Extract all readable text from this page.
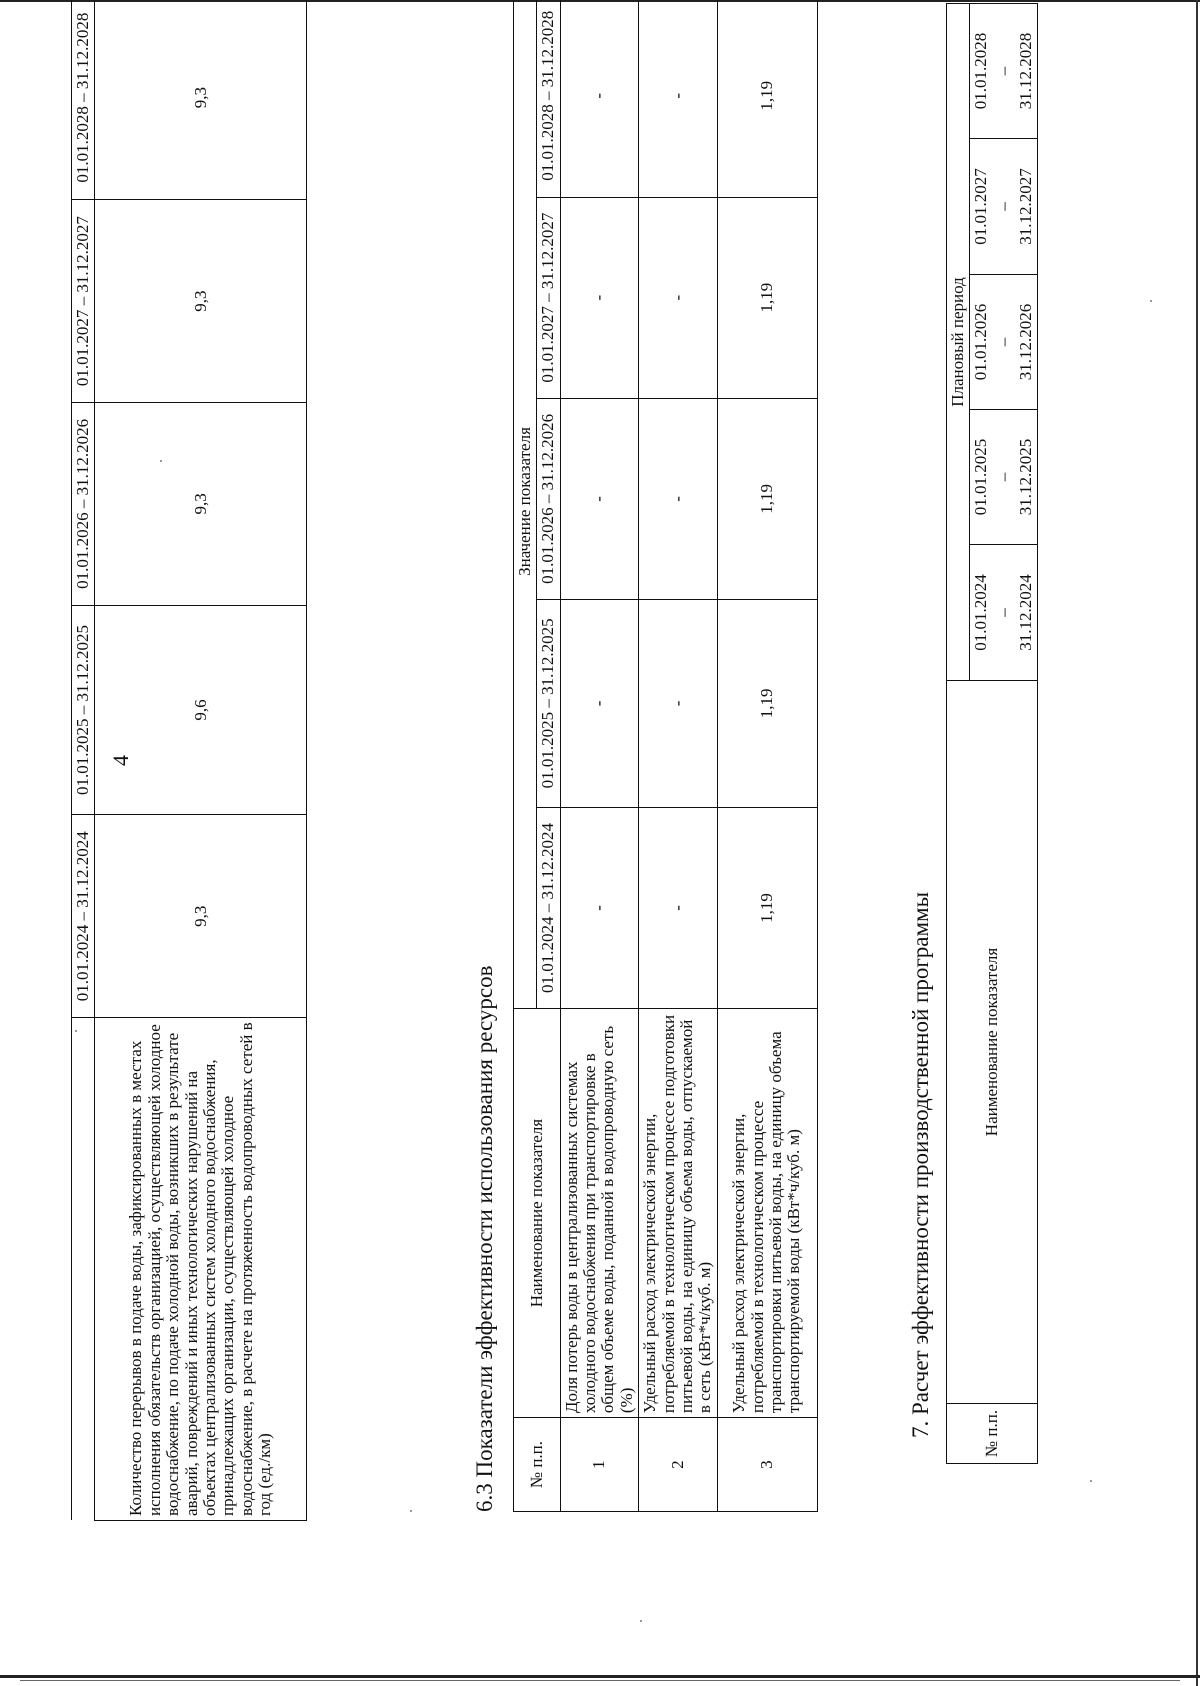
4
	01.01.2024 – 31.12.2024	01.01.2025 – 31.12.2025	01.01.2026 – 31.12.2026	01.01.2027 – 31.12.2027	01.01.2028 – 31.12.2028
Количество перерывов в подаче воды, зафиксированных в местах исполнения обязательств организацией, осуществляющей холодное водоснабжение, по подаче холодной воды, возникших в результате аварий, повреждений и иных технологических нарушений на объектах централизованных систем холодного водоснабжения, принадлежащих организации, осуществляющей холодное водоснабжение, в расчете на протяженность водопроводных сетей в год (ед./км)	9,3	9,6	9,3	9,3	9,3
6.3 Показатели эффективности использования ресурсов № п.п.	Наименование показателя	Значение показателя				
		01.01.2024 – 31.12.2024	01.01.2025 – 31.12.2025	01.01.2026 – 31.12.2026	01.01.2027 – 31.12.2027	01.01.2028 – 31.12.2028
1	Доля потерь воды в централизованных системах холодного водоснабжения при транспортировке в общем объеме воды, поданной в водопроводную сеть (%)	-	-	-	-	-
2	Удельный расход электрической энергии, потребляемой в технологическом процессе подготовки питьевой воды, на единицу объема воды, отпускаемой в сеть (кВт*ч/куб. м)	-	-	-	-	-
3	Удельный расход электрической энергии, потребляемой в технологическом процессе транспортировки питьевой воды, на единицу объема транспортируемой воды (кВт*ч/куб. м)	1,19	1,19	1,19	1,19	1,19
7. Расчет эффективности производственной программы	№ п.п.	Наименование показателя	Плановый период				
		01.01.2024	01.01.2025	01.01.2026	01.01.2027	01.01.2028
		–	–	–	–	–
		31.12.2024	31.12.2025	31.12.2026	31.12.2027	31.12.2028
